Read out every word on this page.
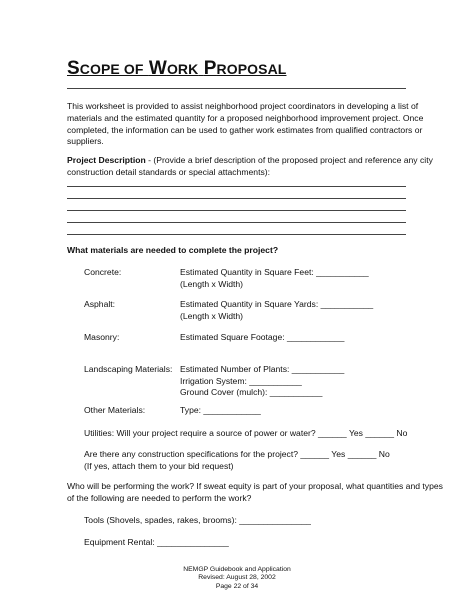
SCOPE OF WORK PROPOSAL
This worksheet is provided to assist neighborhood project coordinators in developing a list of
materials and the estimated quantity for a proposed neighborhood improvement project. Once
completed, the information can be used to gather work estimates from qualified contractors or
suppliers.
Project Description - (Provide a brief description of the proposed project and reference any city
construction detail standards or special attachments):
What materials are needed to complete the project?
Concrete:	Estimated Quantity in Square Feet: ___________
(Length x Width)
Asphalt:	Estimated Quantity in Square Yards: ___________
(Length x Width)
Masonry:	Estimated Square Footage: ____________
Landscaping Materials: Estimated Number of Plants: ___________
Irrigation System: ___________
Ground Cover (mulch): ___________
Other Materials:	Type: ____________
Utilities: Will your project require a source of power or water? ______ Yes ______ No
Are there any construction specifications for the project? ______ Yes ______ No
(If yes, attach them to your bid request)
Who will be performing the work? If sweat equity is part of your proposal, what quantities and types
of the following are needed to perform the work?
Tools (Shovels, spades, rakes, brooms): _______________
Equipment Rental: _______________
NEMGP Guidebook and Application
Revised: August 28, 2002
Page 22 of 34
